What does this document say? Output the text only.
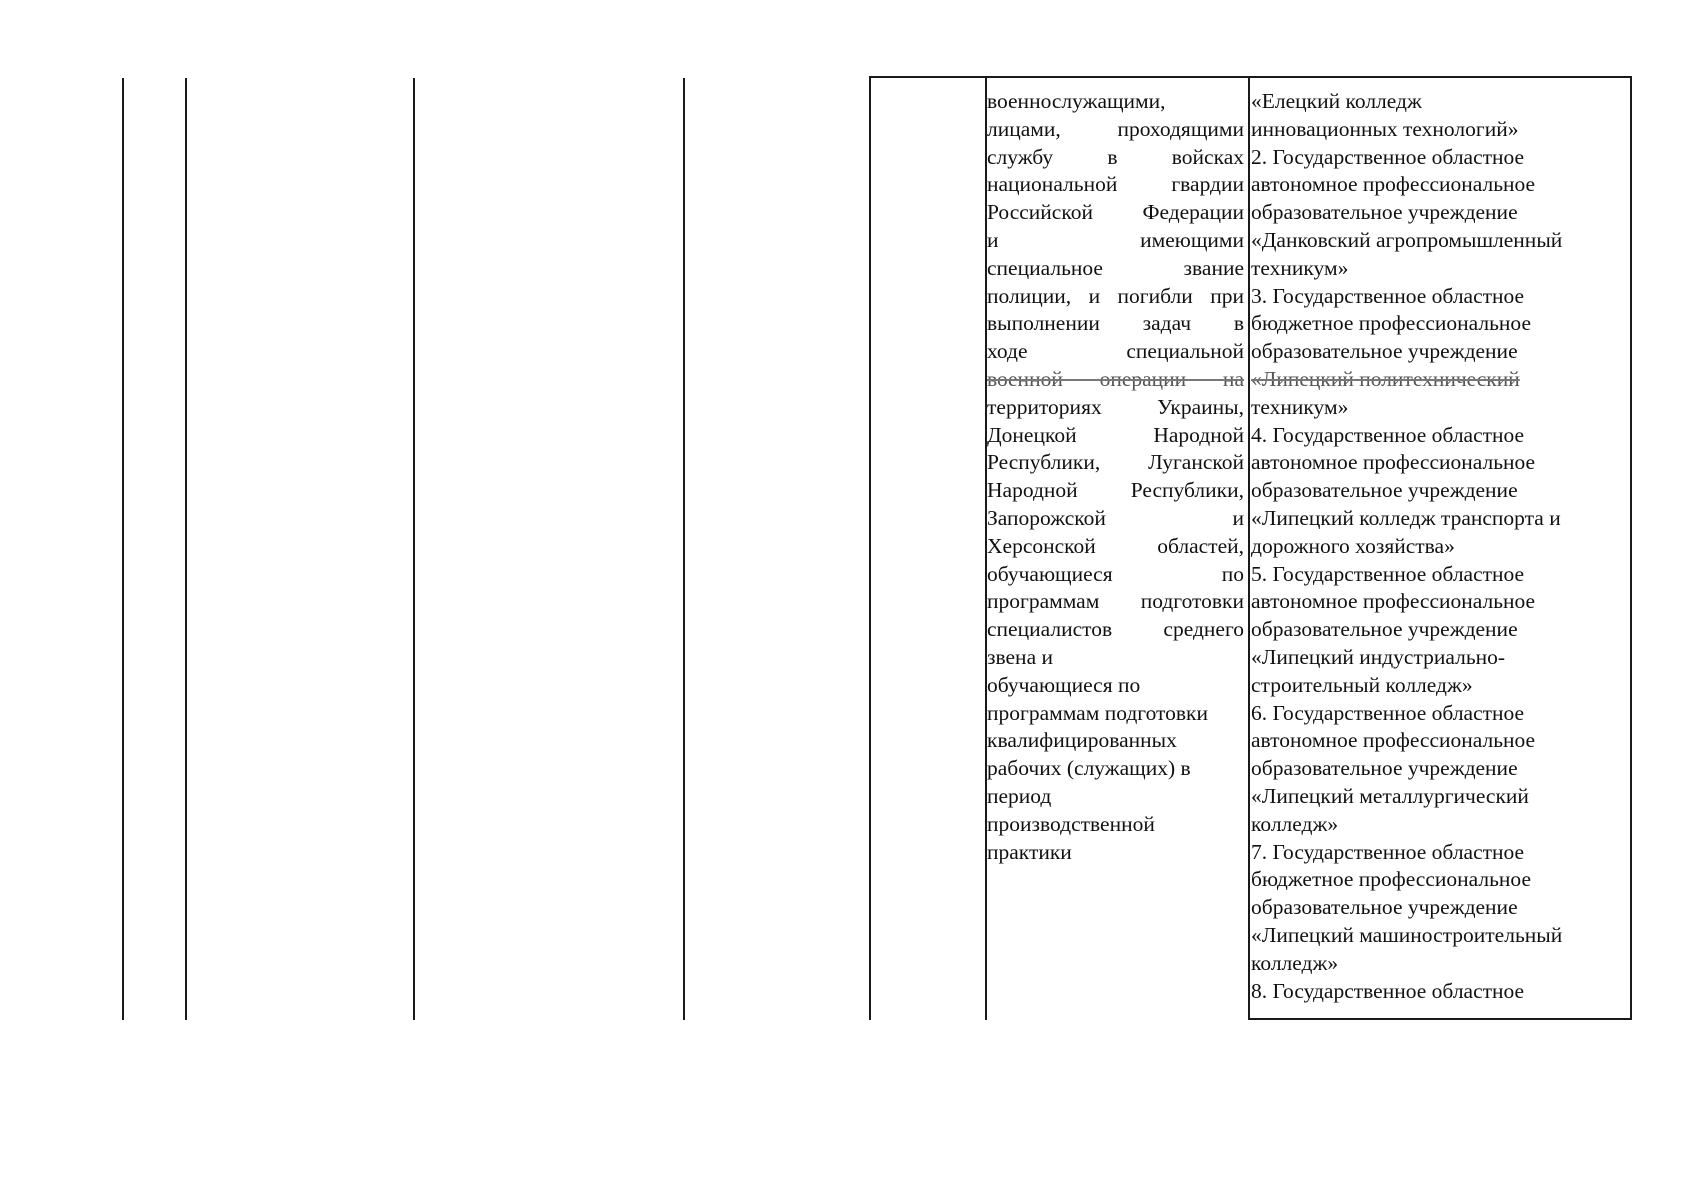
военнослужащими,
лицами, проходящими
службу в войсках
национальной гвардии
Российской Федерации
и имеющими
специальное звание
полиции, и погибли при
выполнении задач в
ходе специальной
военной операции на
территориях Украины,
Донецкой Народной
Республики, Луганской
Народной Республики,
Запорожской и
Херсонской областей,
обучающиеся по
программам подготовки
специалистов среднего
звена и
обучающиеся по
программам подготовки
квалифицированных
рабочих (служащих) в
период
производственной
практики
«Елецкий колледж
инновационных технологий»
2. Государственное областное
автономное профессиональное
образовательное учреждение
«Данковский агропромышленный
техникум»
3. Государственное областное
бюджетное профессиональное
образовательное учреждение
«Липецкий политехнический
техникум»
4. Государственное областное
автономное профессиональное
образовательное учреждение
«Липецкий колледж транспорта и
дорожного хозяйства»
5. Государственное областное
автономное профессиональное
образовательное учреждение
«Липецкий индустриально-
строительный колледж»
6. Государственное областное
автономное профессиональное
образовательное учреждение
«Липецкий металлургический
колледж»
7. Государственное областное
бюджетное профессиональное
образовательное учреждение
«Липецкий машиностроительный
колледж»
8. Государственное областное
